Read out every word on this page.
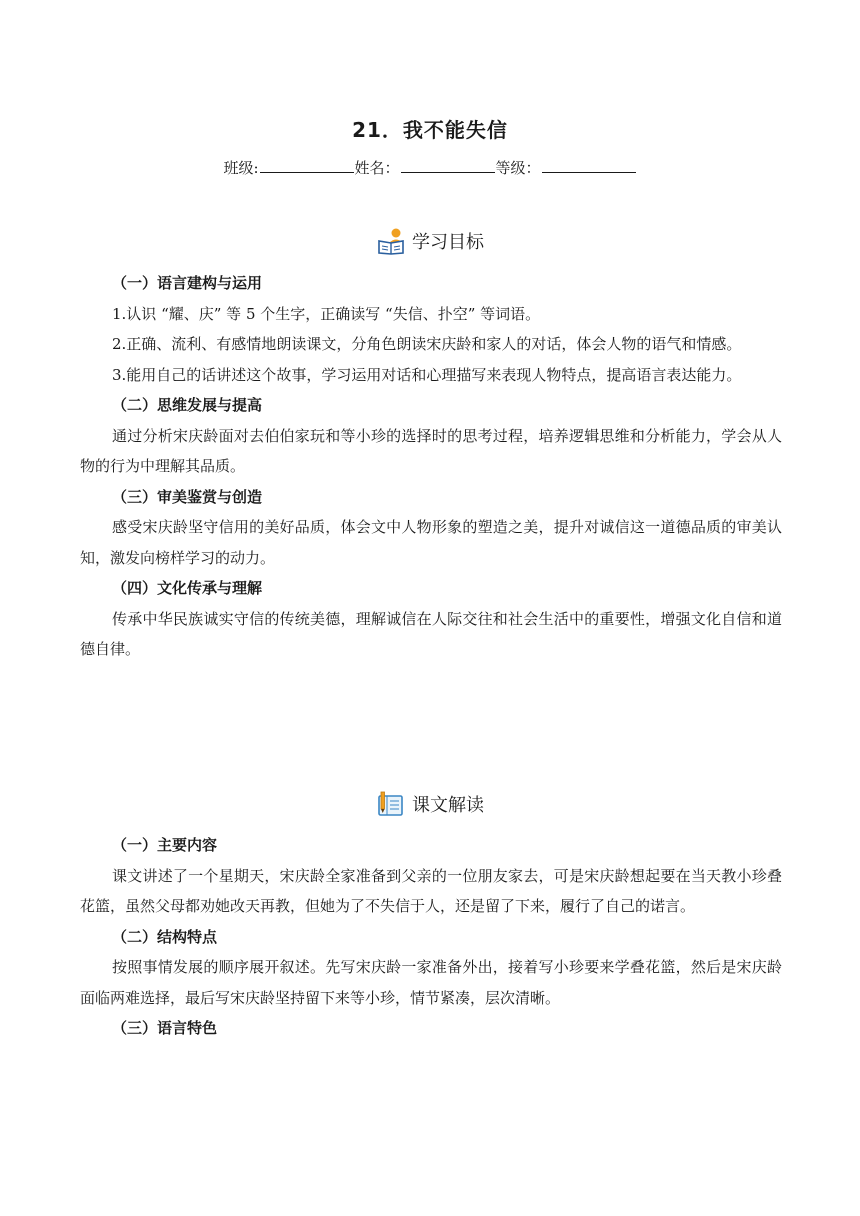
21．我不能失信
班级:	姓名：	等级：
学习目标

（一）语言建构与运用

1.认识 “耀、庆” 等 5 个生字，正确读写 “失信、扑空” 等词语。

2.正确、流利、有感情地朗读课文，分角色朗读宋庆龄和家人的对话，体会人物的语气和情感。

3.能用自己的话讲述这个故事，学习运用对话和心理描写来表现人物特点，提高语言表达能力。

（二）思维发展与提高

通过分析宋庆龄面对去伯伯家玩和等小珍的选择时的思考过程，培养逻辑思维和分析能力，学会从人物的行为中理解其品质。

（三）审美鉴赏与创造

感受宋庆龄坚守信用的美好品质，体会文中人物形象的塑造之美，提升对诚信这一道德品质的审美认知，激发向榜样学习的动力。

（四）文化传承与理解

传承中华民族诚实守信的传统美德，理解诚信在人际交往和社会生活中的重要性，增强文化自信和道德自律。

课文解读

（一）主要内容

课文讲述了一个星期天，宋庆龄全家准备到父亲的一位朋友家去，可是宋庆龄想起要在当天教小珍叠花篮，虽然父母都劝她改天再教，但她为了不失信于人，还是留了下来，履行了自己的诺言。

（二）结构特点

按照事情发展的顺序展开叙述。先写宋庆龄一家准备外出，接着写小珍要来学叠花篮，然后是宋庆龄面临两难选择，最后写宋庆龄坚持留下来等小珍，情节紧凑，层次清晰。

（三）语言特色
